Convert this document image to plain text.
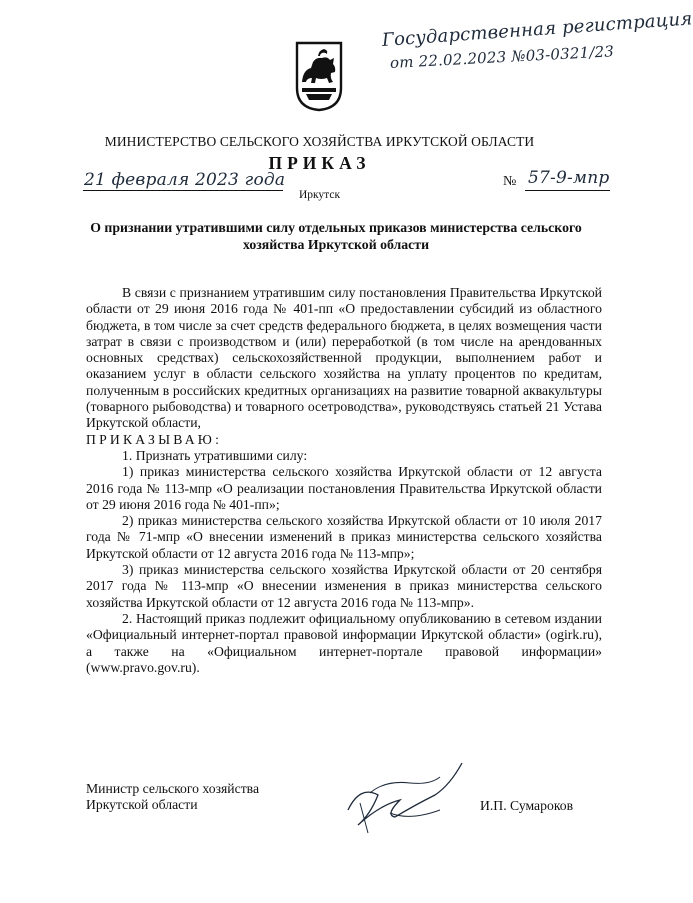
Государственная регистрация
от 22.02.2023 №03-0321/23
МИНИСТЕРСТВО СЕЛЬСКОГО ХОЗЯЙСТВА ИРКУТСКОЙ ОБЛАСТИ
ПРИКАЗ
21 февраля 2023 года
Иркутск
№ 57-9-мпр
О признании утратившими силу отдельных приказов министерства сельского хозяйства Иркутской области

В связи с признанием утратившим силу постановления Правительства Иркутской области от 29 июня 2016 года № 401-пп «О предоставлении субсидий из областного бюджета, в том числе за счет средств федерального бюджета, в целях возмещения части затрат в связи с производством и (или) переработкой (в том числе на арендованных основных средствах) сельскохозяйственной продукции, выполнением работ и оказанием услуг в области сельского хозяйства на уплату процентов по кредитам, полученным в российских кредитных организациях на развитие товарной аквакультуры (товарного рыбоводства) и товарного осетроводства», руководствуясь статьей 21 Устава Иркутской области,

ПРИКАЗЫВАЮ:

1. Признать утратившими силу:

1) приказ министерства сельского хозяйства Иркутской области от 12 августа 2016 года № 113-мпр «О реализации постановления Правительства Иркутской области от 29 июня 2016 года № 401-пп»;

2) приказ министерства сельского хозяйства Иркутской области от 10 июля 2017 года № 71-мпр «О внесении изменений в приказ министерства сельского хозяйства Иркутской области от 12 августа 2016 года № 113-мпр»;

3) приказ министерства сельского хозяйства Иркутской области от 20 сентября 2017 года № 113-мпр «О внесении изменения в приказ министерства сельского хозяйства Иркутской области от 12 августа 2016 года № 113-мпр».

2. Настоящий приказ подлежит официальному опубликованию в сетевом издании «Официальный интернет-портал правовой информации Иркутской области» (ogirk.ru), а также на «Официальном интернет-портале правовой информации» (www.pravo.gov.ru).

Министр сельского хозяйства
Иркутской области	И.П. Сумароков
